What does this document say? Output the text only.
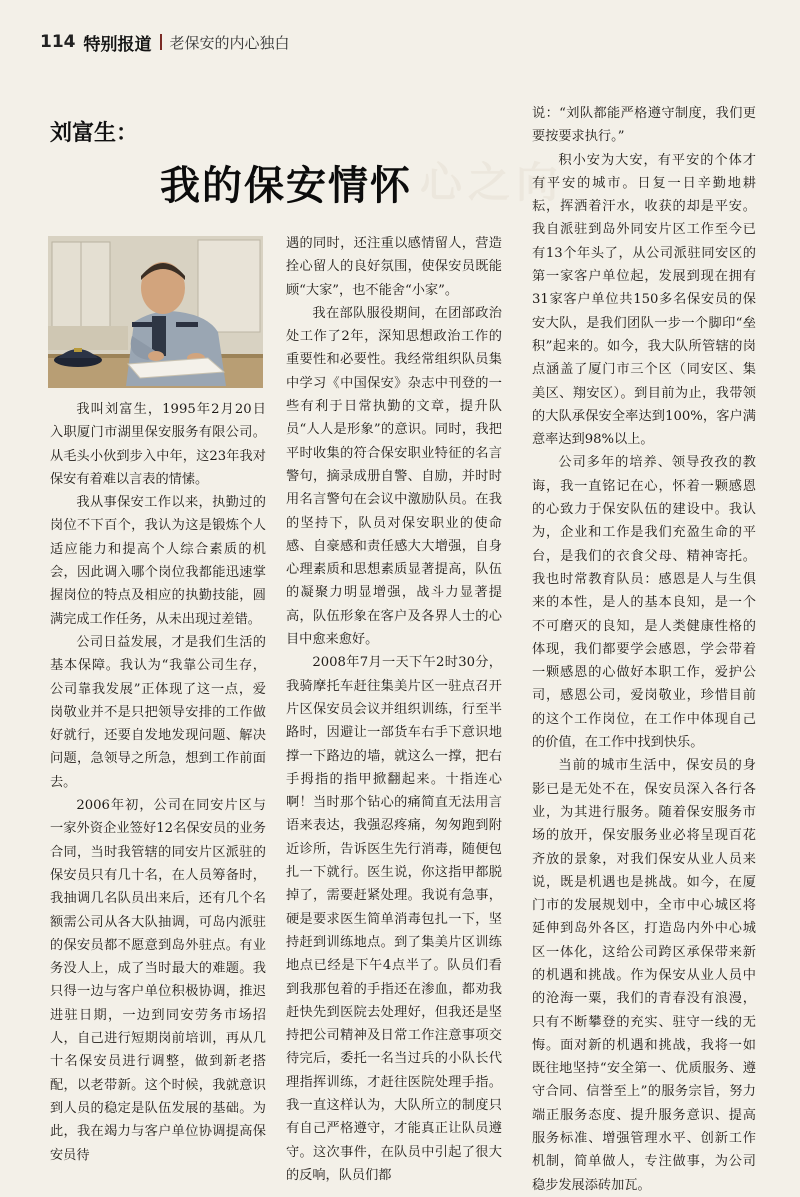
114 特别报道 老保安的内心独白
心之向
刘富生：
我的保安情怀

我叫刘富生，1995年2月20日入职厦门市湖里保安服务有限公司。从毛头小伙到步入中年，这23年我对保安有着难以言表的情愫。

我从事保安工作以来，执勤过的岗位不下百个，我认为这是锻炼个人适应能力和提高个人综合素质的机会，因此调入哪个岗位我都能迅速掌握岗位的特点及相应的执勤技能，圆满完成工作任务，从未出现过差错。

公司日益发展，才是我们生活的基本保障。我认为“我靠公司生存，公司靠我发展”正体现了这一点，爱岗敬业并不是只把领导安排的工作做好就行，还要自发地发现问题、解决问题，急领导之所急，想到工作前面去。

2006年初，公司在同安片区与一家外资企业签好12名保安员的业务合同，当时我管辖的同安片区派驻的保安员只有几十名，在人员筹备时，我抽调几名队员出来后，还有几个名额需公司从各大队抽调，可岛内派驻的保安员都不愿意到岛外驻点。有业务没人上，成了当时最大的难题。我只得一边与客户单位积极协调，推迟进驻日期，一边到同安劳务市场招人，自己进行短期岗前培训，再从几十名保安员进行调整，做到新老搭配，以老带新。这个时候，我就意识到人员的稳定是队伍发展的基础。为此，我在竭力与客户单位协调提高保安员待

遇的同时，还注重以感情留人，营造拴心留人的良好氛围，使保安员既能顾“大家”，也不能舍“小家”。

我在部队服役期间，在团部政治处工作了2年，深知思想政治工作的重要性和必要性。我经常组织队员集中学习《中国保安》杂志中刊登的一些有利于日常执勤的文章，提升队员“人人是形象”的意识。同时，我把平时收集的符合保安职业特征的名言警句，摘录成册自警、自励，并时时用名言警句在会议中激励队员。在我的坚持下，队员对保安职业的使命感、自豪感和责任感大大增强，自身心理素质和思想素质显著提高，队伍的凝聚力明显增强，战斗力显著提高，队伍形象在客户及各界人士的心目中愈来愈好。

2008年7月一天下午2时30分，我骑摩托车赶往集美片区一驻点召开片区保安员会议并组织训练，行至半路时，因避让一部货车右手下意识地撑一下路边的墙，就这么一撑，把右手拇指的指甲掀翻起来。十指连心啊！当时那个钻心的痛简直无法用言语来表达，我强忍疼痛，匆匆跑到附近诊所，告诉医生先行消毒，随便包扎一下就行。医生说，你这指甲都脱掉了，需要赶紧处理。我说有急事，硬是要求医生简单消毒包扎一下，坚持赶到训练地点。到了集美片区训练地点已经是下午4点半了。队员们看到我那包着的手指还在渗血，都劝我赶快先到医院去处理好，但我还是坚持把公司精神及日常工作注意事项交待完后，委托一名当过兵的小队长代理指挥训练，才赶往医院处理手指。我一直这样认为，大队所立的制度只有自己严格遵守，才能真正让队员遵守。这次事件，在队员中引起了很大的反响，队员们都

说：“刘队都能严格遵守制度，我们更要按要求执行。”

积小安为大安，有平安的个体才有平安的城市。日复一日辛勤地耕耘，挥洒着汗水，收获的却是平安。我自派驻到岛外同安片区工作至今已有13个年头了，从公司派驻同安区的第一家客户单位起，发展到现在拥有31家客户单位共150多名保安员的保安大队，是我们团队一步一个脚印“垒积”起来的。如今，我大队所管辖的岗点涵盖了厦门市三个区（同安区、集美区、翔安区）。到目前为止，我带领的大队承保安全率达到100%，客户满意率达到98%以上。

公司多年的培养、领导孜孜的教诲，我一直铭记在心，怀着一颗感恩的心致力于保安队伍的建设中。我认为，企业和工作是我们充盈生命的平台，是我们的衣食父母、精神寄托。我也时常教育队员：感恩是人与生俱来的本性，是人的基本良知，是一个不可磨灭的良知，是人类健康性格的体现，我们都要学会感恩，学会带着一颗感恩的心做好本职工作，爱护公司，感恩公司，爱岗敬业，珍惜目前的这个工作岗位，在工作中体现自己的价值，在工作中找到快乐。

当前的城市生活中，保安员的身影已是无处不在，保安员深入各行各业，为其进行服务。随着保安服务市场的放开，保安服务业必将呈现百花齐放的景象，对我们保安从业人员来说，既是机遇也是挑战。如今，在厦门市的发展规划中，全市中心城区将延伸到岛外各区，打造岛内外中心城区一体化，这给公司跨区承保带来新的机遇和挑战。作为保安从业人员中的沧海一粟，我们的青春没有浪漫，只有不断攀登的充实、驻守一线的无悔。面对新的机遇和挑战，我将一如既往地坚持“安全第一、优质服务、遵守合同、信誉至上”的服务宗旨，努力端正服务态度、提升服务意识、提高服务标准、增强管理水平、创新工作机制，简单做人，专注做事，为公司稳步发展添砖加瓦。
